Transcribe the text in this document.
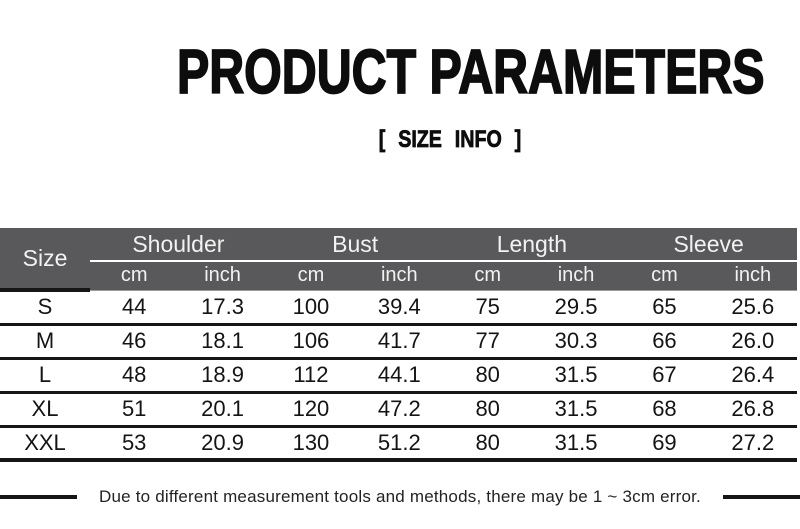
PRODUCT PARAMETERS
[ SIZE INFO ]
Size	Shoulder		Bust		Length		Sleeve	
	cm	inch	cm	inch	cm	inch	cm	inch
S	44	17.3	100	39.4	75	29.5	65	25.6
M	46	18.1	106	41.7	77	30.3	66	26.0
L	48	18.9	112	44.1	80	31.5	67	26.4
XL	51	20.1	120	47.2	80	31.5	68	26.8
XXL	53	20.9	130	51.2	80	31.5	69	27.2
Due to different measurement tools and methods, there may be 1 ~ 3cm error.
